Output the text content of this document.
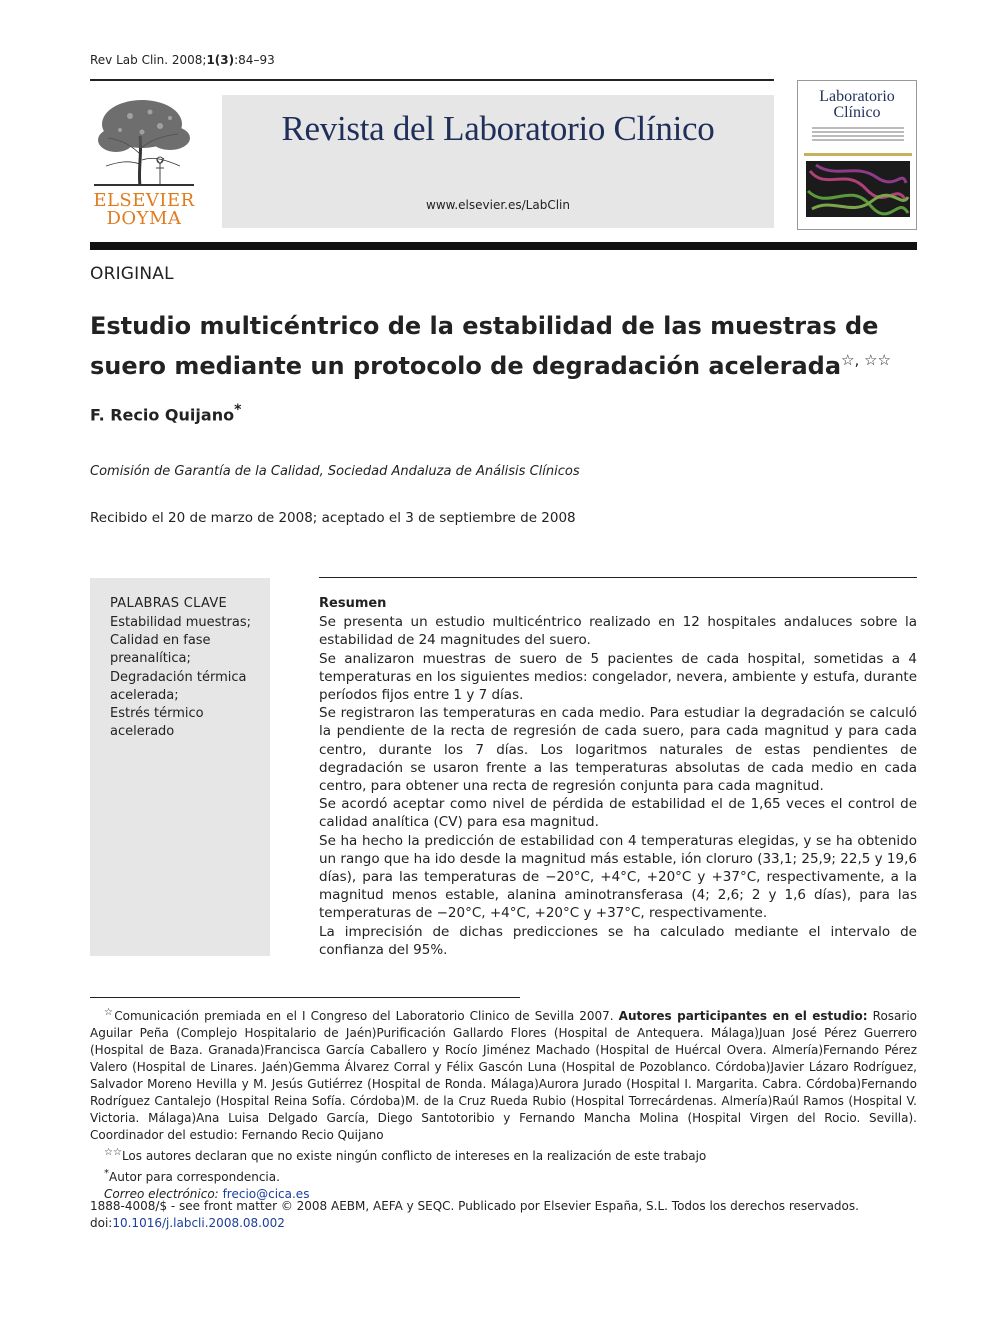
Rev Lab Clin. 2008;1(3):84–93
ELSEVIER
DOYMA
Revista del Laboratorio Clínico
www.elsevier.es/LabClin
Laboratorio
Clínico
ORIGINAL
Estudio multicéntrico de la estabilidad de las muestras de suero mediante un protocolo de degradación acelerada☆, ☆☆
F. Recio Quijano*
Comisión de Garantía de la Calidad, Sociedad Andaluza de Análisis Clínicos
Recibido el 20 de marzo de 2008; aceptado el 3 de septiembre de 2008
PALABRAS CLAVE
Estabilidad muestras;
Calidad en fase preanalítica;
Degradación térmica acelerada;
Estrés térmico acelerado
Resumen

Se presenta un estudio multicéntrico realizado en 12 hospitales andaluces sobre la estabilidad de 24 magnitudes del suero.

Se analizaron muestras de suero de 5 pacientes de cada hospital, sometidas a 4 temperaturas en los siguientes medios: congelador, nevera, ambiente y estufa, durante períodos fijos entre 1 y 7 días.

Se registraron las temperaturas en cada medio. Para estudiar la degradación se calculó la pendiente de la recta de regresión de cada suero, para cada magnitud y para cada centro, durante los 7 días. Los logaritmos naturales de estas pendientes de degradación se usaron frente a las temperaturas absolutas de cada medio en cada centro, para obtener una recta de regresión conjunta para cada magnitud.

Se acordó aceptar como nivel de pérdida de estabilidad el de 1,65 veces el control de calidad analítica (CV) para esa magnitud.

Se ha hecho la predicción de estabilidad con 4 temperaturas elegidas, y se ha obtenido un rango que ha ido desde la magnitud más estable, ión cloruro (33,1; 25,9; 22,5 y 19,6 días), para las temperaturas de −20°C, +4°C, +20°C y +37°C, respectivamente, a la magnitud menos estable, alanina aminotransferasa (4; 2,6; 2 y 1,6 días), para las temperaturas de −20°C, +4°C, +20°C y +37°C, respectivamente.

La imprecisión de dichas predicciones se ha calculado mediante el intervalo de confianza del 95%.

☆Comunicación premiada en el I Congreso del Laboratorio Clinico de Sevilla 2007. Autores participantes en el estudio: Rosario Aguilar Peña (Complejo Hospitalario de Jaén)Purificación Gallardo Flores (Hospital de Antequera. Málaga)Juan José Pérez Guerrero (Hospital de Baza. Granada)Francisca García Caballero y Rocío Jiménez Machado (Hospital de Huércal Overa. Almería)Fernando Pérez Valero (Hospital de Linares. Jaén)Gemma Álvarez Corral y Félix Gascón Luna (Hospital de Pozoblanco. Córdoba)Javier Lázaro Rodríguez, Salvador Moreno Hevilla y M. Jesús Gutiérrez (Hospital de Ronda. Málaga)Aurora Jurado (Hospital I. Margarita. Cabra. Córdoba)Fernando Rodríguez Cantalejo (Hospital Reina Sofía. Córdoba)M. de la Cruz Rueda Rubio (Hospital Torrecárdenas. Almería)Raúl Ramos (Hospital V. Victoria. Málaga)Ana Luisa Delgado García, Diego Santotoribio y Fernando Mancha Molina (Hospital Virgen del Rocio. Sevilla). Coordinador del estudio: Fernando Recio Quijano

☆☆Los autores declaran que no existe ningún conflicto de intereses en la realización de este trabajo

*Autor para correspondencia.

Correo electrónico: frecio@cica.es

1888-4008/$ - see front matter © 2008 AEBM, AEFA y SEQC. Publicado por Elsevier España, S.L. Todos los derechos reservados.
doi:10.1016/j.labcli.2008.08.002
